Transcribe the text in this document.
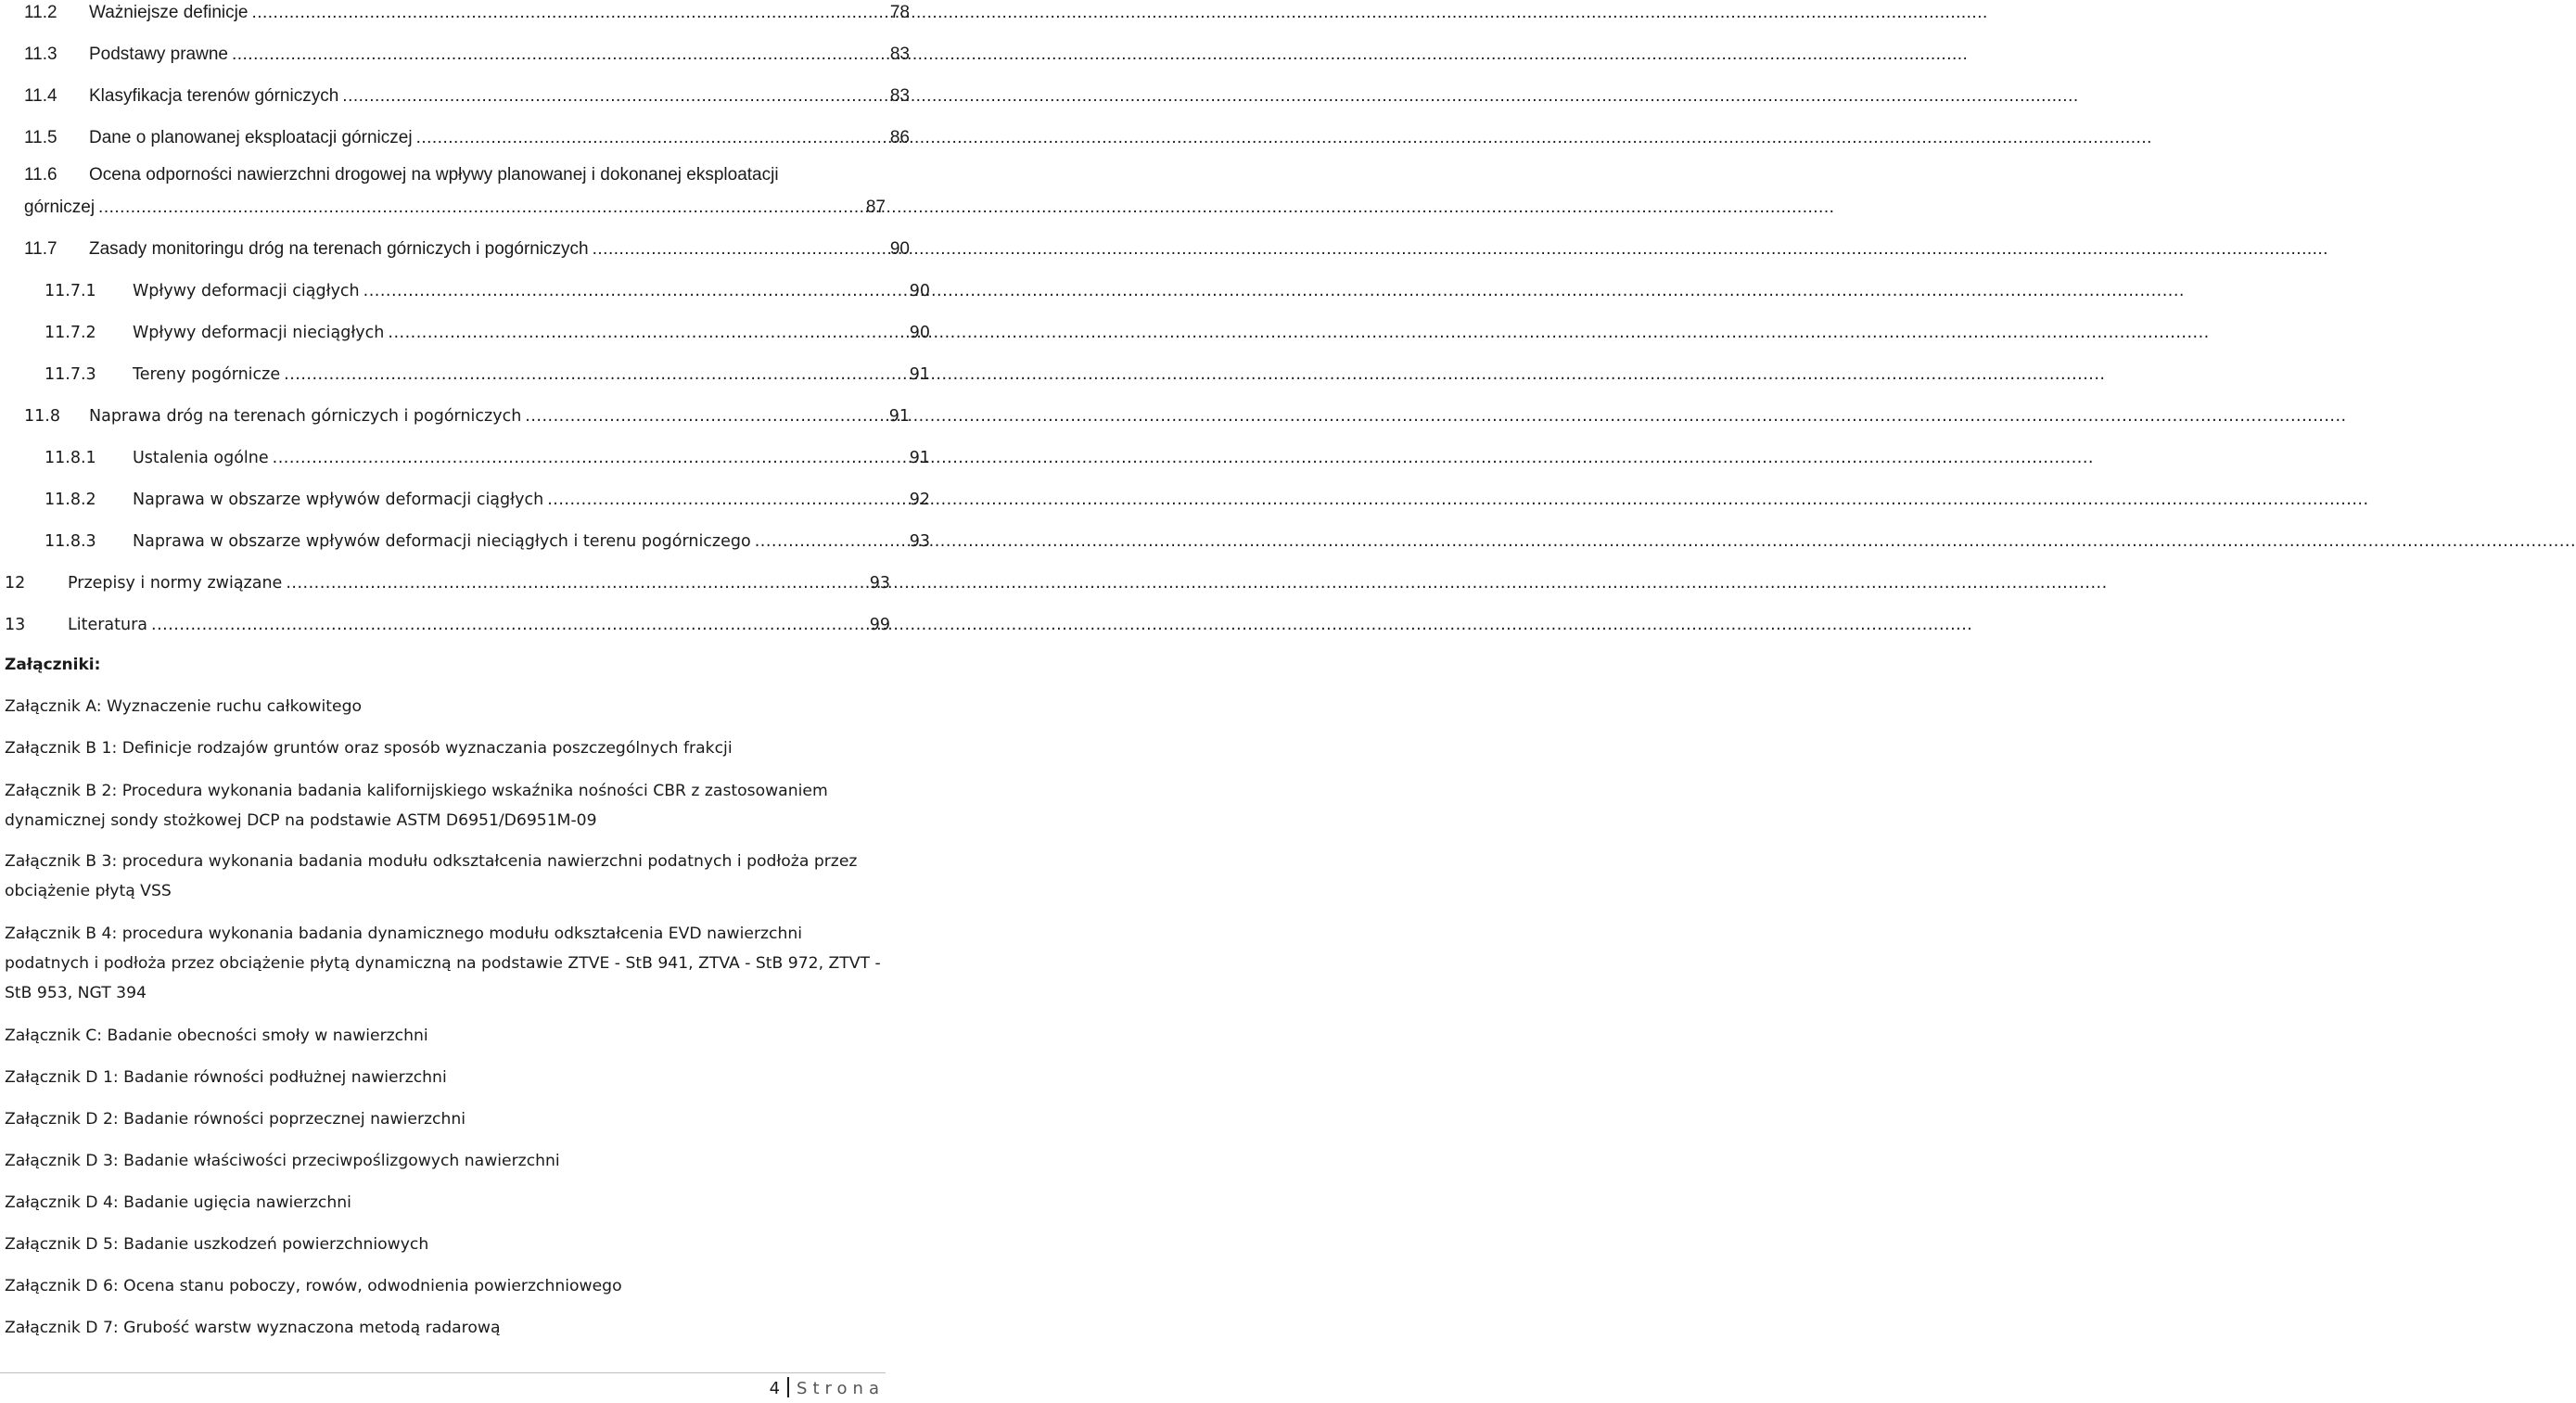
11.2	Ważniejsze definicje .....	78
11.3	Podstawy prawne .....	83
11.4	Klasyfikacja terenów górniczych .....	83
11.5	Dane o planowanej eksploatacji górniczej .....	86
11.6 Ocena odporności nawierzchni drogowej na wpływy planowanej i dokonanej eksploatacji
górniczej .....	87
11.7	Zasady monitoringu dróg na terenach górniczych i pogórniczych .....	90
11.7.1	Wpływy deformacji ciągłych .....	90
11.7.2	Wpływy deformacji nieciągłych .....	90
11.7.3	Tereny pogórnicze .....	91
11.8	Naprawa dróg na terenach górniczych i pogórniczych .....	91
11.8.1	Ustalenia ogólne .....	91
11.8.2	Naprawa w obszarze wpływów deformacji ciągłych .....	92
11.8.3	Naprawa w obszarze wpływów deformacji nieciągłych i terenu pogórniczego .....	93
12	Przepisy i normy związane .....	93
13	Literatura .....	99
Załączniki:
Załącznik A: Wyznaczenie ruchu całkowitego
Załącznik B 1: Definicje rodzajów gruntów oraz sposób wyznaczania poszczególnych frakcji
Załącznik B 2: Procedura wykonania badania kalifornijskiego wskaźnika nośności CBR z zastosowaniem dynamicznej sondy stożkowej DCP na podstawie ASTM D6951/D6951M-09
Załącznik B 3: procedura wykonania badania modułu odkształcenia nawierzchni podatnych i podłoża przez obciążenie płytą VSS
Załącznik B 4: procedura wykonania badania dynamicznego modułu odkształcenia EVD nawierzchni podatnych i podłoża przez obciążenie płytą dynamiczną na podstawie ZTVE - StB 941, ZTVA - StB 972, ZTVT - StB 953, NGT 394
Załącznik C: Badanie obecności smoły w nawierzchni
Załącznik D 1: Badanie równości podłużnej nawierzchni
Załącznik D 2: Badanie równości poprzecznej nawierzchni
Załącznik D 3: Badanie właściwości przeciwpoślizgowych nawierzchni
Załącznik D 4: Badanie ugięcia nawierzchni
Załącznik D 5: Badanie uszkodzeń powierzchniowych
Załącznik D 6: Ocena stanu poboczy, rowów, odwodnienia powierzchniowego
Załącznik D 7: Grubość warstw wyznaczona metodą radarową
4 Strona
